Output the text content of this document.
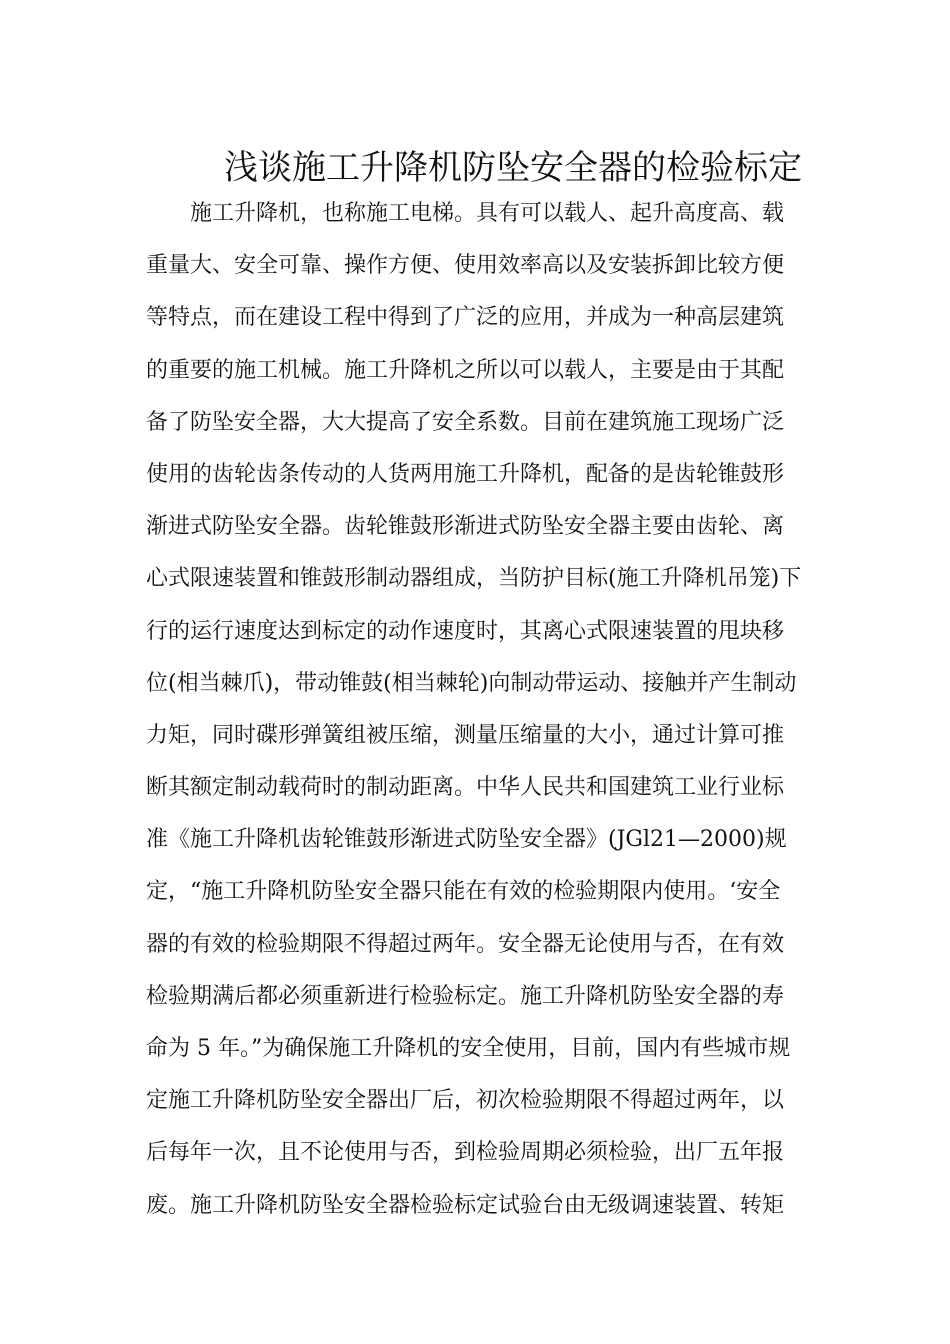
浅谈施工升降机防坠安全器的检验标定
施工升降机，也称施工电梯。具有可以载人、起升高度高、载
重量大、安全可靠、操作方便、使用效率高以及安装拆卸比较方便
等特点，而在建设工程中得到了广泛的应用，并成为一种高层建筑
的重要的施工机械。施工升降机之所以可以载人，主要是由于其配
备了防坠安全器，大大提高了安全系数。目前在建筑施工现场广泛
使用的齿轮齿条传动的人货两用施工升降机，配备的是齿轮锥鼓形
渐进式防坠安全器。齿轮锥鼓形渐进式防坠安全器主要由齿轮、离
心式限速装置和锥鼓形制动器组成，当防护目标(施工升降机吊笼)下
行的运行速度达到标定的动作速度时，其离心式限速装置的甩块移
位(相当棘爪)，带动锥鼓(相当棘轮)向制动带运动、接触并产生制动
力矩，同时碟形弹簧组被压缩，测量压缩量的大小，通过计算可推
断其额定制动载荷时的制动距离。中华人民共和国建筑工业行业标
准《施工升降机齿轮锥鼓形渐进式防坠安全器》(JGl21—2000)规
定，“施工升降机防坠安全器只能在有效的检验期限内使用。‘安全
器的有效的检验期限不得超过两年。安全器无论使用与否，在有效
检验期满后都必须重新进行检验标定。施工升降机防坠安全器的寿
命为 5 年。”为确保施工升降机的安全使用，目前，国内有些城市规
定施工升降机防坠安全器出厂后，初次检验期限不得超过两年，以
后每年一次，且不论使用与否，到检验周期必须检验，出厂五年报
废。施工升降机防坠安全器检验标定试验台由无级调速装置、转矩
